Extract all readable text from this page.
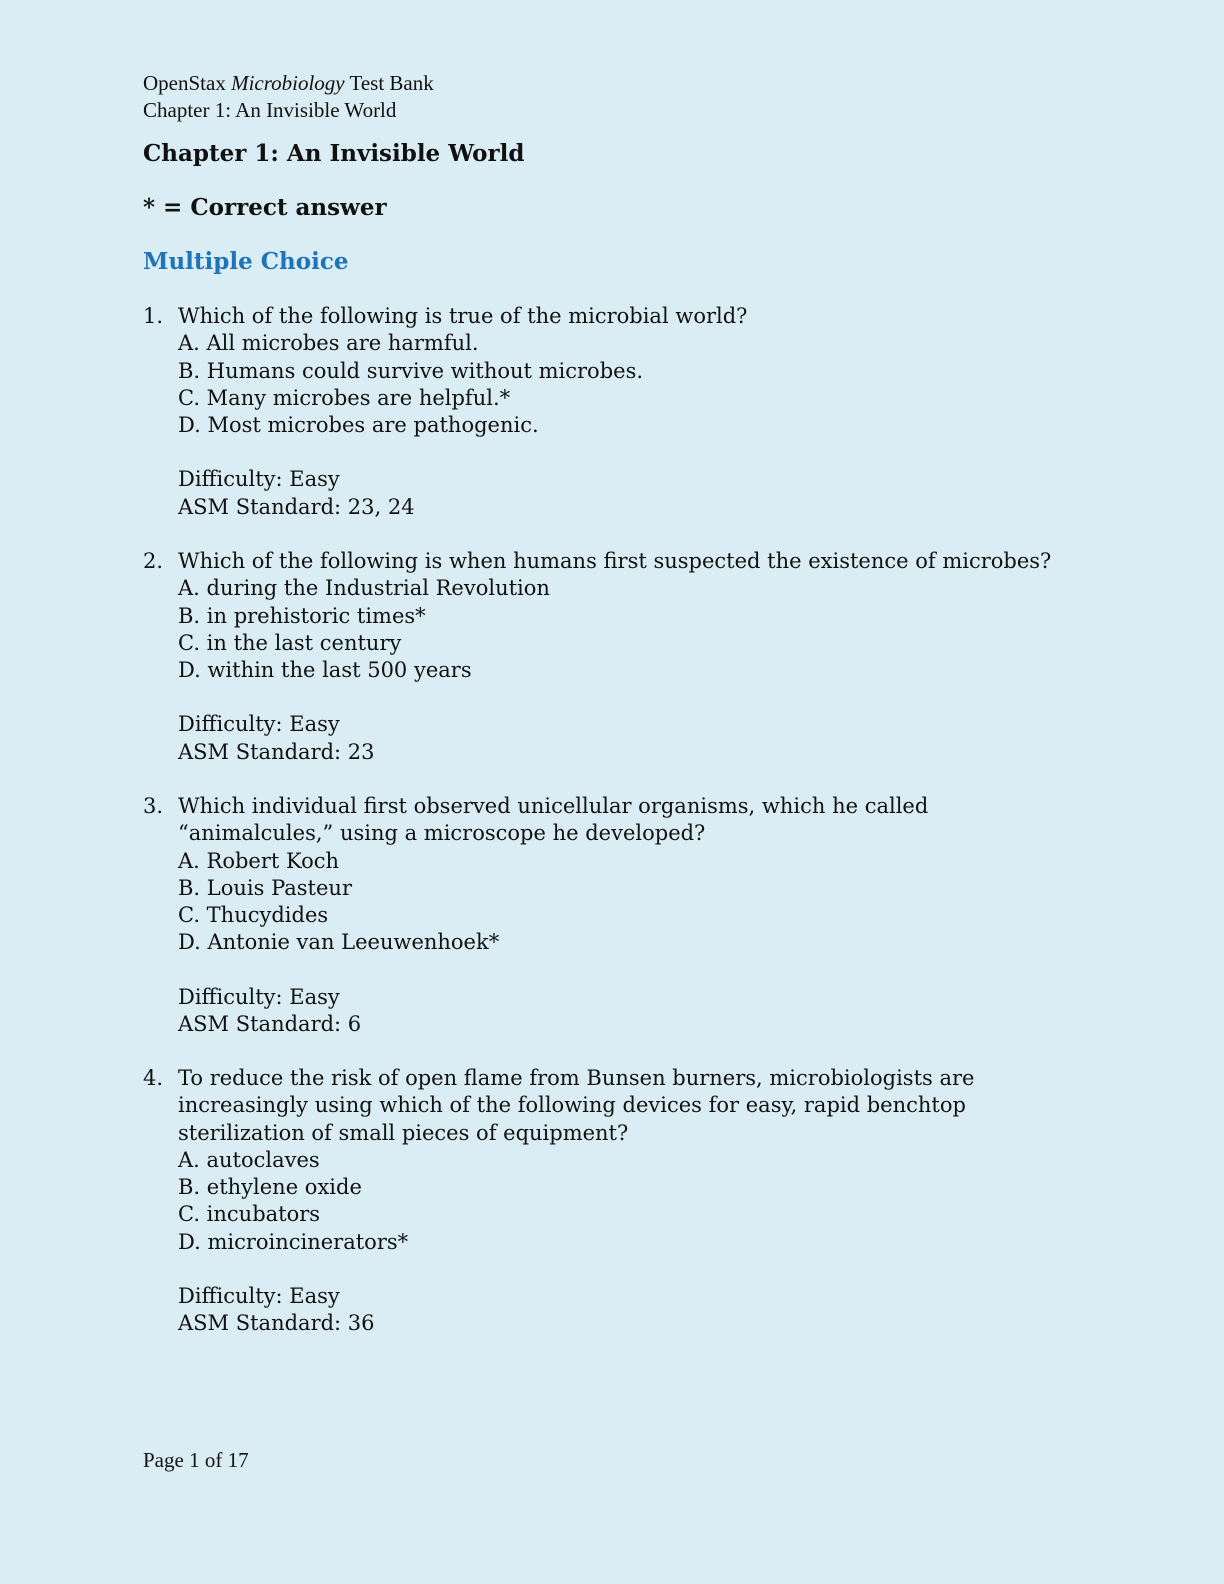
OpenStax Microbiology Test Bank
Chapter 1: An Invisible World
Chapter 1: An Invisible World
* = Correct answer
Multiple Choice
1. Which of the following is true of the microbial world?
A. All microbes are harmful.
B. Humans could survive without microbes.
C. Many microbes are helpful.*
D. Most microbes are pathogenic.
Difficulty: Easy
ASM Standard: 23, 24
2. Which of the following is when humans first suspected the existence of microbes?
A. during the Industrial Revolution
B. in prehistoric times*
C. in the last century
D. within the last 500 years
Difficulty: Easy
ASM Standard: 23
3. Which individual first observed unicellular organisms, which he called
“animalcules,” using a microscope he developed?
A. Robert Koch
B. Louis Pasteur
C. Thucydides
D. Antonie van Leeuwenhoek*
Difficulty: Easy
ASM Standard: 6
4. To reduce the risk of open flame from Bunsen burners, microbiologists are
increasingly using which of the following devices for easy, rapid benchtop
sterilization of small pieces of equipment?
A. autoclaves
B. ethylene oxide
C. incubators
D. microincinerators*
Difficulty: Easy
ASM Standard: 36
Page 1 of 17
